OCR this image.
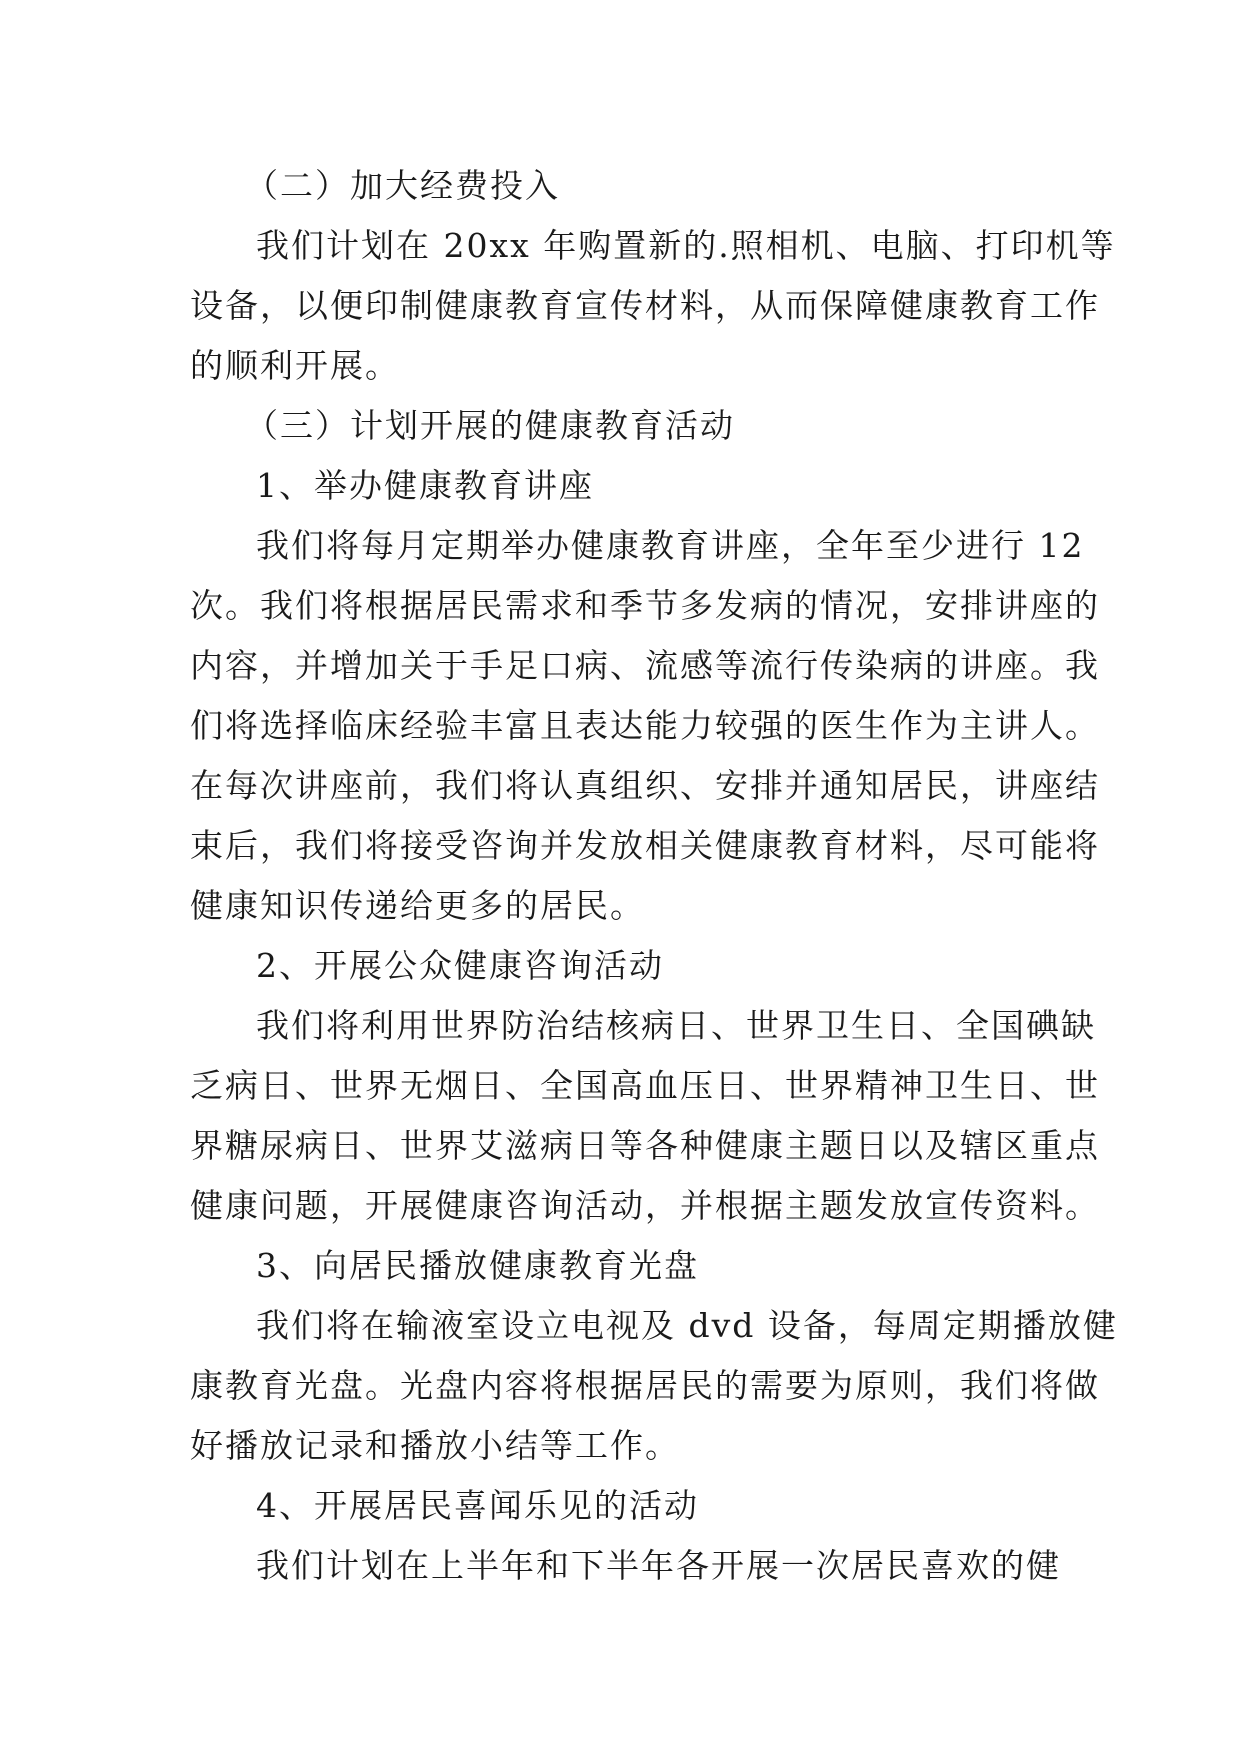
（二）加大经费投入
我们计划在 20xx 年购置新的.照相机、电脑、打印机等
设备，以便印制健康教育宣传材料，从而保障健康教育工作
的顺利开展。
（三）计划开展的健康教育活动
1、举办健康教育讲座
我们将每月定期举办健康教育讲座，全年至少进行 12
次。我们将根据居民需求和季节多发病的情况，安排讲座的
内容，并增加关于手足口病、流感等流行传染病的讲座。我
们将选择临床经验丰富且表达能力较强的医生作为主讲人。
在每次讲座前，我们将认真组织、安排并通知居民，讲座结
束后，我们将接受咨询并发放相关健康教育材料，尽可能将
健康知识传递给更多的居民。
2、开展公众健康咨询活动
我们将利用世界防治结核病日、世界卫生日、全国碘缺
乏病日、世界无烟日、全国高血压日、世界精神卫生日、世
界糖尿病日、世界艾滋病日等各种健康主题日以及辖区重点
健康问题，开展健康咨询活动，并根据主题发放宣传资料。
3、向居民播放健康教育光盘
我们将在输液室设立电视及 dvd 设备，每周定期播放健
康教育光盘。光盘内容将根据居民的需要为原则，我们将做
好播放记录和播放小结等工作。
4、开展居民喜闻乐见的活动
我们计划在上半年和下半年各开展一次居民喜欢的健
